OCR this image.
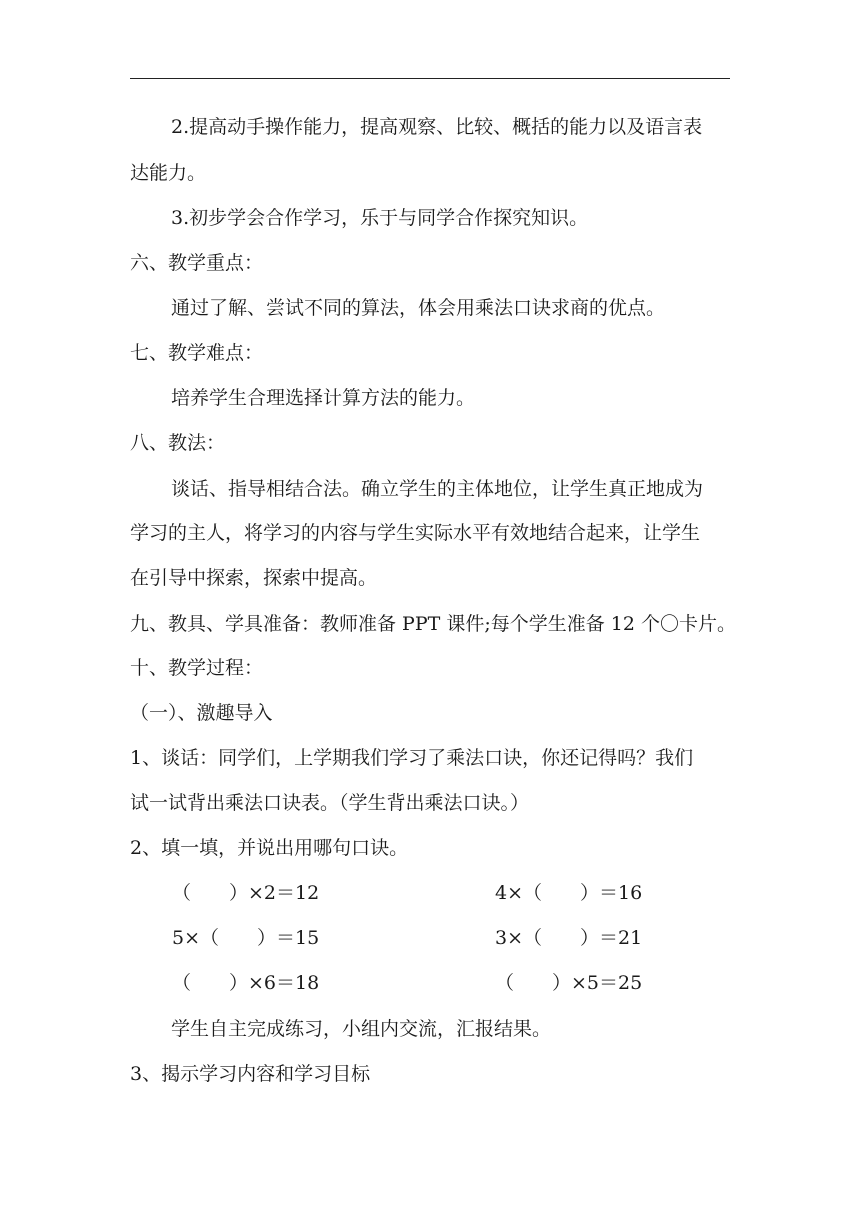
2.提高动手操作能力，提高观察、比较、概括的能力以及语言表
达能力。
3.初步学会合作学习，乐于与同学合作探究知识。
六、教学重点：
通过了解、尝试不同的算法，体会用乘法口诀求商的优点。
七、教学难点：
培养学生合理选择计算方法的能力。
八、教法：
谈话、指导相结合法。确立学生的主体地位，让学生真正地成为
学习的主人，将学习的内容与学生实际水平有效地结合起来，让学生
在引导中探索，探索中提高。
九、教具、学具准备：教师准备 PPT 课件;每个学生准备 12 个〇卡片。
十、教学过程：
（一）、激趣导入
1、谈话：同学们，上学期我们学习了乘法口诀，你还记得吗？我们
试一试背出乘法口诀表。（学生背出乘法口诀。）
2、填一填，并说出用哪句口诀。
（　　）×2＝12	4×（　　）＝16
5×（　　）＝15	3×（　　）＝21
（　　）×6＝18	（　　）×5＝25
学生自主完成练习，小组内交流，汇报结果。
3、揭示学习内容和学习目标
